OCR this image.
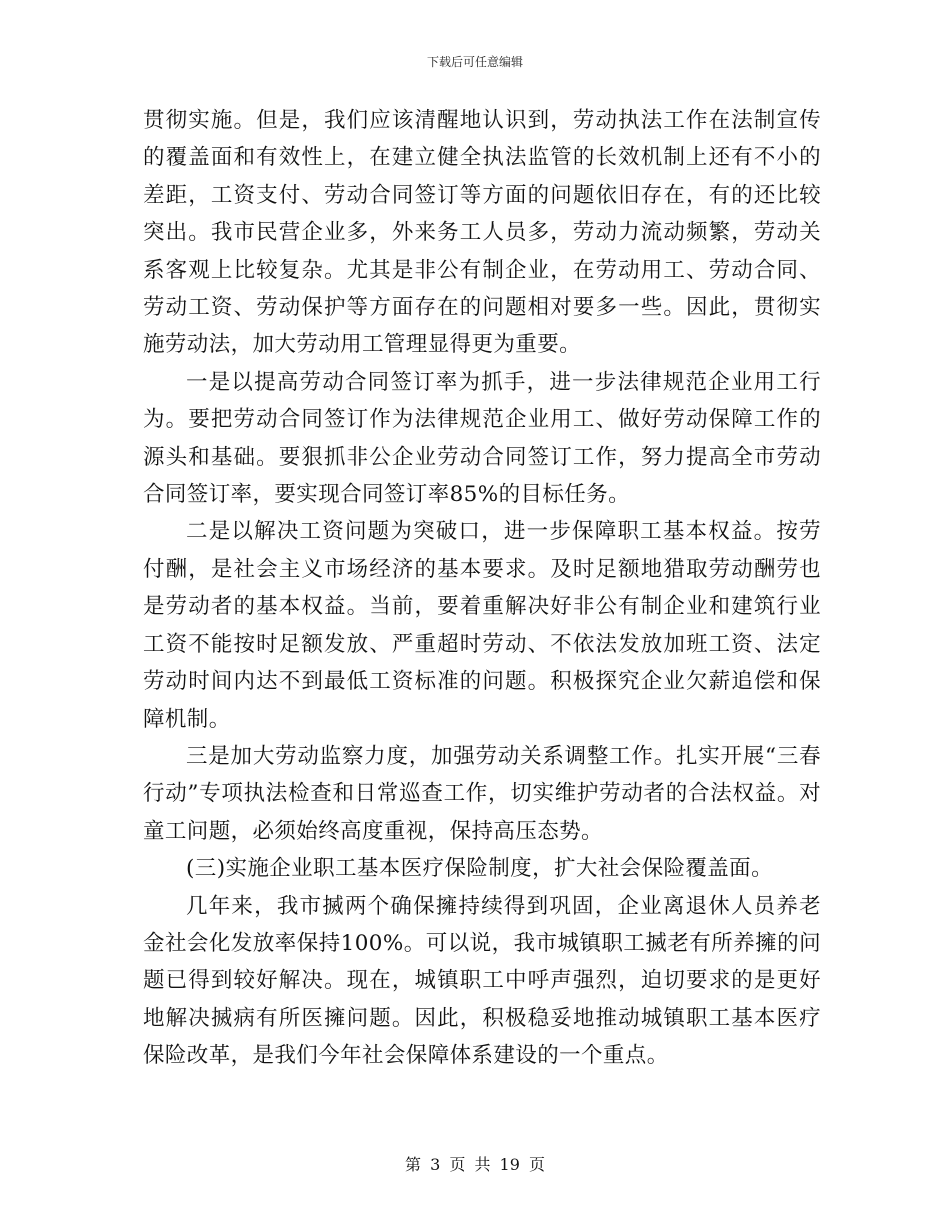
下载后可任意编辑

贯彻实施。但是，我们应该清醒地认识到，劳动执法工作在法制宣传的覆盖面和有效性上，在建立健全执法监管的长效机制上还有不小的差距，工资支付、劳动合同签订等方面的问题依旧存在，有的还比较突出。我市民营企业多，外来务工人员多，劳动力流动频繁，劳动关系客观上比较复杂。尤其是非公有制企业，在劳动用工、劳动合同、劳动工资、劳动保护等方面存在的问题相对要多一些。因此，贯彻实施劳动法，加大劳动用工管理显得更为重要。

一是以提高劳动合同签订率为抓手，进一步法律规范企业用工行为。要把劳动合同签订作为法律规范企业用工、做好劳动保障工作的源头和基础。要狠抓非公企业劳动合同签订工作，努力提高全市劳动合同签订率，要实现合同签订率85%的目标任务。

二是以解决工资问题为突破口，进一步保障职工基本权益。按劳付酬，是社会主义市场经济的基本要求。及时足额地猎取劳动酬劳也是劳动者的基本权益。当前，要着重解决好非公有制企业和建筑行业工资不能按时足额发放、严重超时劳动、不依法发放加班工资、法定劳动时间内达不到最低工资标准的问题。积极探究企业欠薪追偿和保障机制。

三是加大劳动监察力度，加强劳动关系调整工作。扎实开展“三春行动”专项执法检查和日常巡查工作，切实维护劳动者的合法权益。对童工问题，必须始终高度重视，保持高压态势。

(三)实施企业职工基本医疗保险制度，扩大社会保险覆盖面。

几年来，我市搣两个确保擁持续得到巩固，企业离退休人员养老金社会化发放率保持100%。可以说，我市城镇职工搣老有所养擁的问题已得到较好解决。现在，城镇职工中呼声强烈，迫切要求的是更好地解决搣病有所医擁问题。因此，积极稳妥地推动城镇职工基本医疗保险改革，是我们今年社会保障体系建设的一个重点。

第 3 页 共 19 页
